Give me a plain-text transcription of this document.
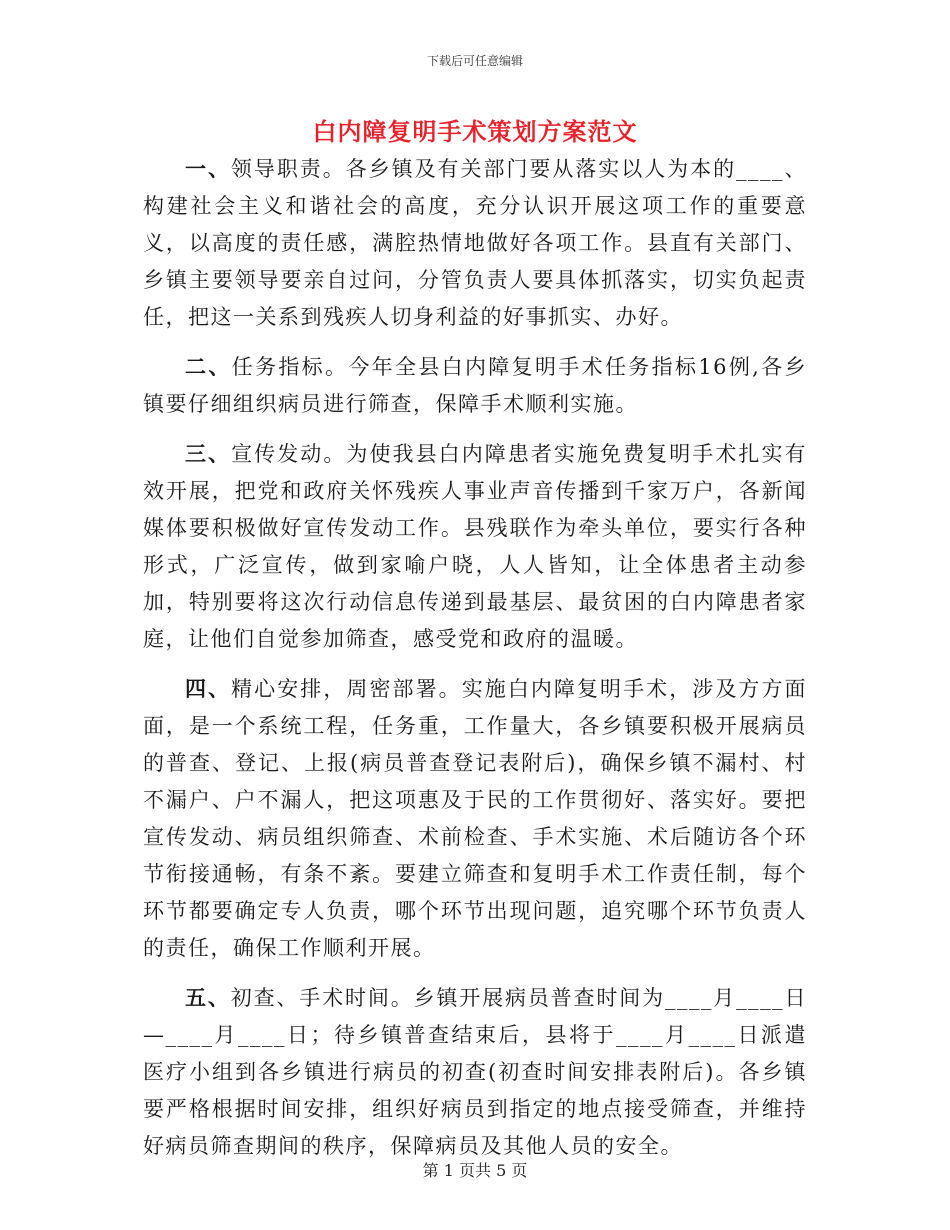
下载后可任意编辑
白内障复明手术策划方案范文

一、领导职责。各乡镇及有关部门要从落实以人为本的____、构建社会主义和谐社会的高度，充分认识开展这项工作的重要意义，以高度的责任感，满腔热情地做好各项工作。县直有关部门、乡镇主要领导要亲自过问，分管负责人要具体抓落实，切实负起责任，把这一关系到残疾人切身利益的好事抓实、办好。

二、任务指标。今年全县白内障复明手术任务指标16例,各乡镇要仔细组织病员进行筛查，保障手术顺利实施。

三、宣传发动。为使我县白内障患者实施免费复明手术扎实有效开展，把党和政府关怀残疾人事业声音传播到千家万户，各新闻媒体要积极做好宣传发动工作。县残联作为牵头单位，要实行各种形式，广泛宣传，做到家喻户晓，人人皆知，让全体患者主动参加，特别要将这次行动信息传递到最基层、最贫困的白内障患者家庭，让他们自觉参加筛查，感受党和政府的温暖。

四、精心安排，周密部署。实施白内障复明手术，涉及方方面面，是一个系统工程，任务重，工作量大，各乡镇要积极开展病员的普查、登记、上报(病员普查登记表附后)，确保乡镇不漏村、村不漏户、户不漏人，把这项惠及于民的工作贯彻好、落实好。要把宣传发动、病员组织筛查、术前检查、手术实施、术后随访各个环节衔接通畅，有条不紊。要建立筛查和复明手术工作责任制，每个环节都要确定专人负责，哪个环节出现问题，追究哪个环节负责人的责任，确保工作顺利开展。

五、初查、手术时间。乡镇开展病员普查时间为____月____日—____月____日；待乡镇普查结束后，县将于____月____日派遣医疗小组到各乡镇进行病员的初查(初查时间安排表附后)。各乡镇要严格根据时间安排，组织好病员到指定的地点接受筛查，并维持好病员筛查期间的秩序，保障病员及其他人员的安全。

第 1 页共 5 页
